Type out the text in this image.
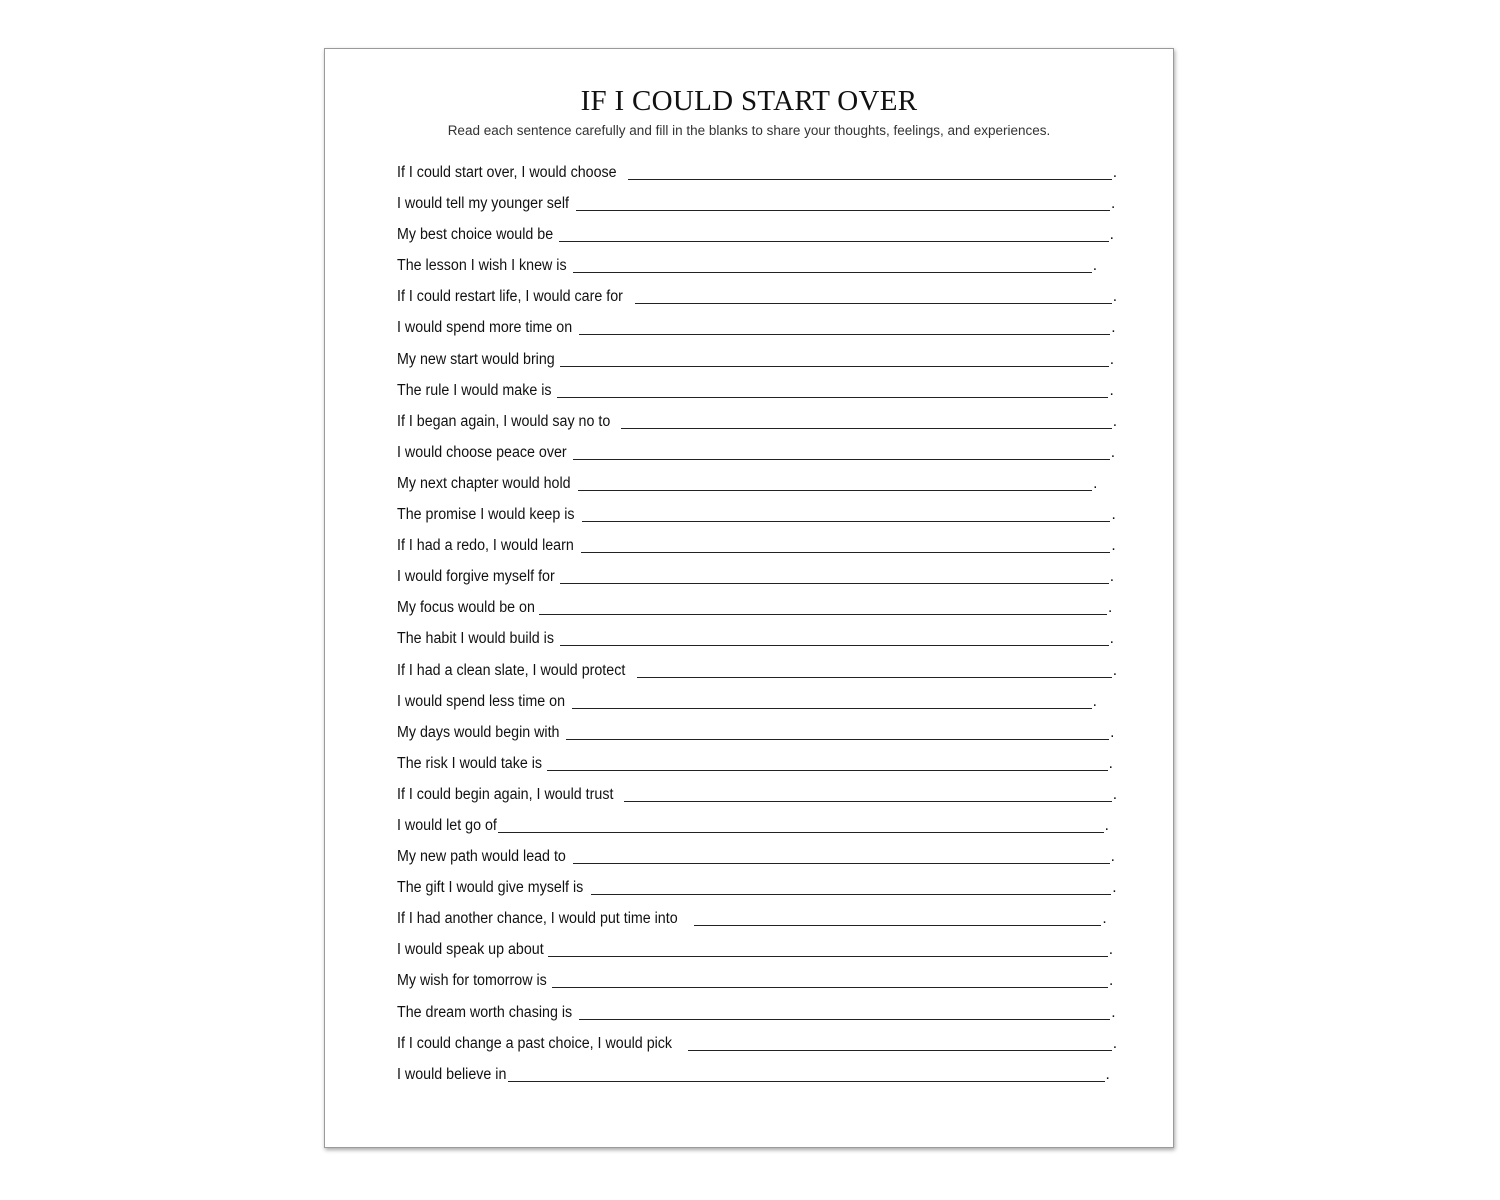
IF I COULD START OVER

Read each sentence carefully and fill in the blanks to share your thoughts, feelings, and experiences.

If I could start over, I would choose	.
I would tell my younger self	.
My best choice would be	.
The lesson I wish I knew is	.
If I could restart life, I would care for	.
I would spend more time on	.
My new start would bring	.
The rule I would make is	.
If I began again, I would say no to	.
I would choose peace over	.
My next chapter would hold	.
The promise I would keep is	.
If I had a redo, I would learn	.
I would forgive myself for	.
My focus would be on	.
The habit I would build is	.
If I had a clean slate, I would protect	.
I would spend less time on	.
My days would begin with	.
The risk I would take is	.
If I could begin again, I would trust	.
I would let go of	.
My new path would lead to	.
The gift I would give myself is	.
If I had another chance, I would put time into	.
I would speak up about	.
My wish for tomorrow is	.
The dream worth chasing is	.
If I could change a past choice, I would pick	.
I would believe in	.
